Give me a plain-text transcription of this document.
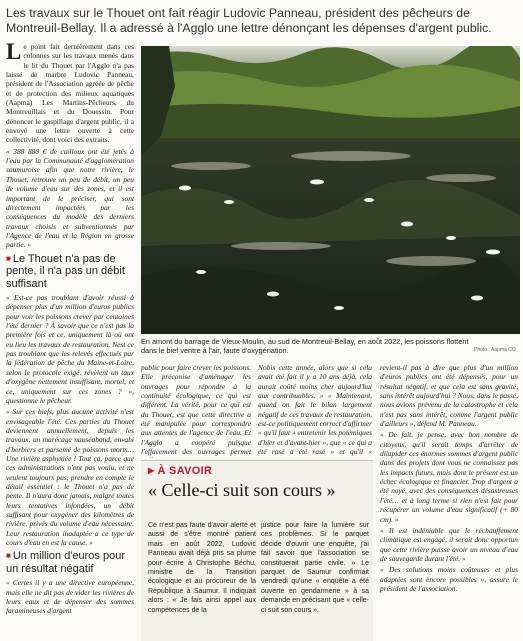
Les travaux sur le Thouet ont fait réagir Ludovic Panneau, président des pêcheurs de Montreuil-Bellay. Il a adressé à l'Agglo une lettre dénonçant les dépenses d'argent public.

Le point fait dernièrement dans ces colonnes sur les travaux menés dans le lit du Thouet par l'Agglo n'a pas laissé de marbre Ludovic Panneau, président de l'Association agréée de pêche et de protection des milieux aquatiques (Aapma) Les Martins-Pêcheurs, du Montreuillais et du Douessin. Pour dénoncer le gaspillage d'argent public, il a envoyé une lettre ouverte à cette collectivité, dont voici des extraits.

« 388 888 € de cailloux ont été jetés à l'eau par la Communauté d'agglomération saumuroise afin que notre rivière, le Thouet, retrouve un peu de débit, un peu de volume d'eau sur des zones, et il est important de le préciser, qui sont directement impactées par les conséquences du modèle des derniers travaux choisis et subventionnés par l'Agence de l'eau et la Région en grosse partie. »

■ Le Thouet n'a pas de pente, il n'a pas un débit suffisant

« Est-ce pas troublant d'avoir réussi à dépenser plus d'un million d'euros publics pour voir les poissons crever par centaines l'été dernier ? À savoir que ce n'est pas la première fois et ce, uniquement là où ont eu lieu les travaux de restauration. Nest ce pas troublant que les relevés effectués par la fédération de pêche du Maine-et-Loire, selon le protocole exigé, révèlent un taux d'oxygène nettement insuffisant, mortel, et ce, uniquement sur ces zones ? », questionne le pêcheur.

« Sur ces biefs, plus aucune activité n'est envisageable l'été. Ces parties du Thouet deviennent annuellement, depuis les travaux, un marécage nauséabond, envahi d'herbiers et parsemé de poissons morts… Une rivière asphyxiée ! Tout ça, parce que ces administrations n'ont pas voulu, et ne veulent toujours pas, prendre en compte le détail essentiel : le Thouet n'a pas de pente. Il n'aura donc jamais, malgré toutes leurs tentatives infondées, un débit suffisant pour oxygéner des kilomètres de rivière, privés du volume d'eau nécessaire. Leur restauration inadaptée a ce type de cours d'eau en est la cause. »

■ Un million d'euros pour un résultat négatif

« Certes il y a une directive européenne, mais elle ne dit pas de vider les rivières de leurs eaux et de dépenser des sommes faramineuses d'argent

En amont du barrage de Vieux-Moulin, au sud de Montreuil-Bellay, en août 2022, les poissons flottent dans le bief ventre à l'air, faute d'oxygénation.	Photo : Aapma CO

public pour faire crever les poissons. Elle préconise d'aménager les ouvrages pour répondre à la continuité écologique, ce qui est différent. La vérité, pour ce qui est du Thouet, est que cette directive a été manipulée pour correspondre aux attentes de l'agence de l'eau. Et l'Agglo a coopéré puisque l'effacement des ouvrages permet

Nobis cette année, alors que si cela avait été fait il y a 10 ans déjà, cela aurait coûté moins cher aujourd'hui aux contribuables. » « Maintenant, quand on fait le bilan largement négatif de ces travaux de restauration, est-ce politiquement correct d'affirmer « qu'il faut » entretenir les polémiques d'hier et d'avant-hier », que « ce qui a été rasé a été rasé » et qu'il «

revient-il pas à dire que plus d'un million d'euros publics ont été dépensés, pour un résultat négatif, et que cela est sans gravité, sans intérêt aujourd'hui ? Nous, dans le passé, nous avions prévenu de la catastrophe et cela n'est pas sans intérêt, comme l'argent public d'ailleurs », défend M. Panneau.

« De fait, je pense, avec bon nombre de citoyens, qu'il serait temps d'arrêter de dilapider ces énormes sommes d'argent public dans des projets dont vous ne connaissez pas les impacts futurs, mais dont le présent est un échec écologique et financier. Trop d'argent a été noyé, avec des conséquences désastreuses l'été… et à long terme si rien n'est fait pour récupérer un volume d'eau significatif (+ 80 cm). »

« Il est indéniable que le réchauffement climatique est engagé, il serait donc opportun que cette rivière puisse avoir un niveau d'eau de sauvegarde durant l'été. »

« Des solutions moins coûteuses et plus adaptées sont encore possibles », assure le président de l'association.

▶ À SAVOIR
« Celle-ci suit son cours »
Ce n'est pas faute d'avoir alerté et aussi de s'être montré patient mais en août 2022, Ludovic Panneau avait déjà pris sa plume pour écrire à Christophe Béchu, ministre de la Transition écologique et au procureur de la République à Saumur. Il indiquait alors : « Je fais ainsi appel aux compétences de la
justice pour faire la lumière sur ces problèmes. Si le parquet décide d'ouvrir une enquête, j'ai fait savoir que l'association se constituerait partie civile. » Le parquet de Saumur confirmait vendredi qu'une « enquête a été ouverte en gendarmerie » à sa demande en précisant que « celle-ci suit son cours ».
